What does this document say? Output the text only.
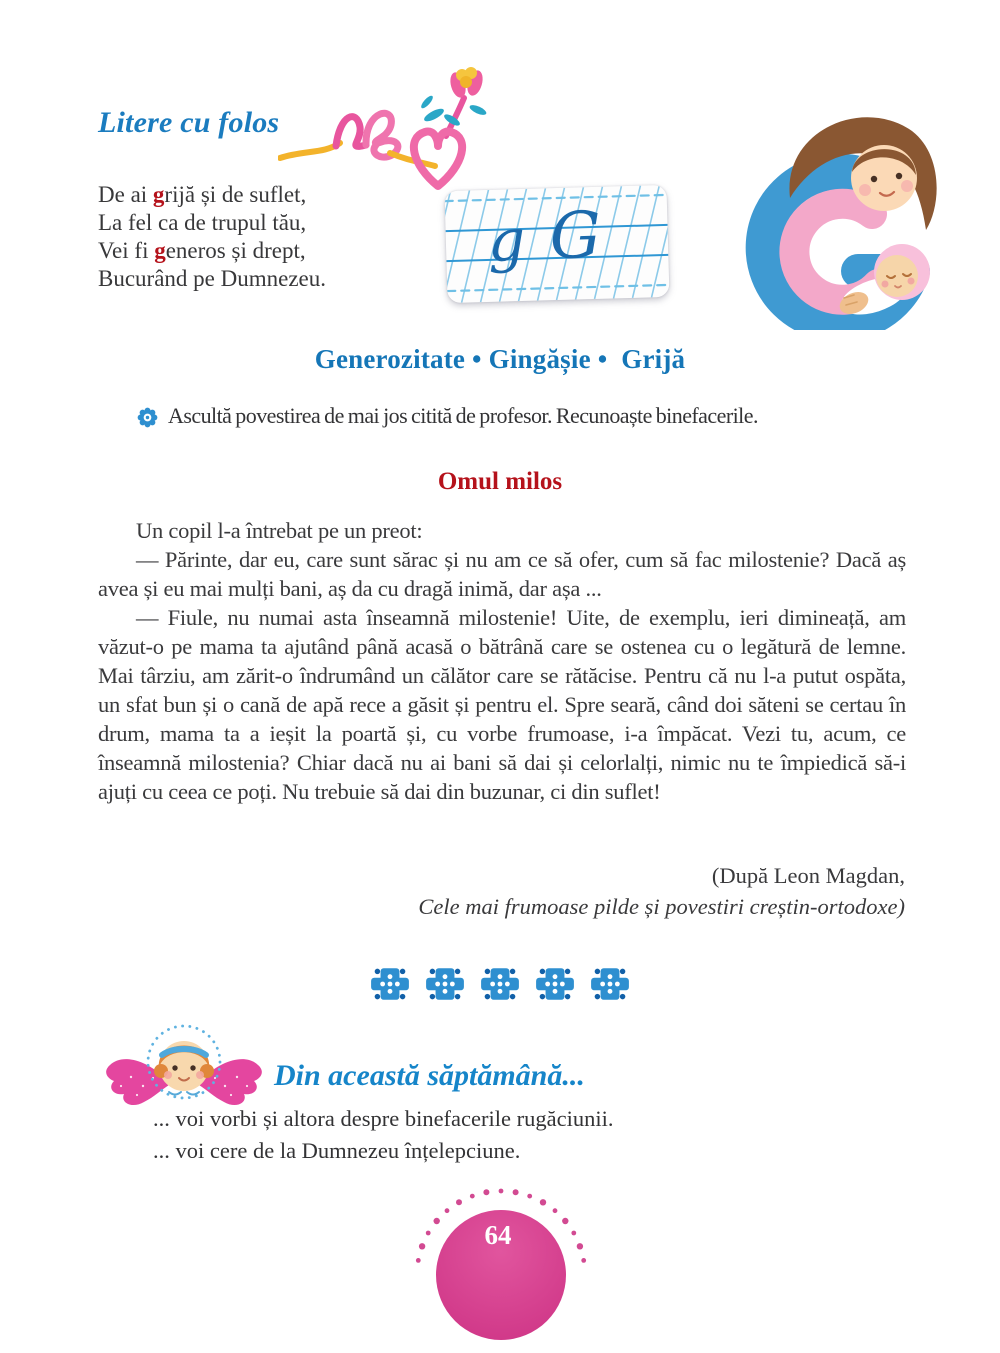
Litere cu folos
De ai grijă și de suflet,
La fel ca de trupul tău,
Vei fi generos și drept,
Bucurând pe Dumnezeu.
g G
Generozitate • Gingășie •  Grijă
Ascultă povestirea de mai jos citită de profesor. Recunoaște binefacerile.
Omul milos

Un copil l-a întrebat pe un preot:

— Părinte, dar eu, care sunt sărac și nu am ce să ofer, cum să fac milostenie? Dacă aș avea și eu mai mulți bani, aș da cu dragă inimă, dar așa ...

— Fiule, nu numai asta înseamnă milostenie! Uite, de exemplu, ieri dimineață, am văzut-o pe mama ta ajutând până acasă o bătrână care se ostenea cu o legătură de lemne. Mai târziu, am zărit-o îndrumând un călător care se rătăcise. Pentru că nu l-a putut ospăta, un sfat bun și o cană de apă rece a găsit și pentru el. Spre seară, când doi săteni se certau în drum, mama ta a ieșit la poartă și, cu vorbe frumoase, i-a împăcat. Vezi tu, acum, ce înseamnă milostenia? Chiar dacă nu ai bani să dai și celorlalți, nimic nu te împiedică să-i ajuți cu ceea ce poți. Nu trebuie să dai din buzunar, ci din suflet!

(După Leon Magdan,
Cele mai frumoase pilde și povestiri creștin-ortodoxe)
Din această săptămână...
... voi vorbi și altora despre binefacerile rugăciunii.
... voi cere de la Dumnezeu înțelepciune.
64
